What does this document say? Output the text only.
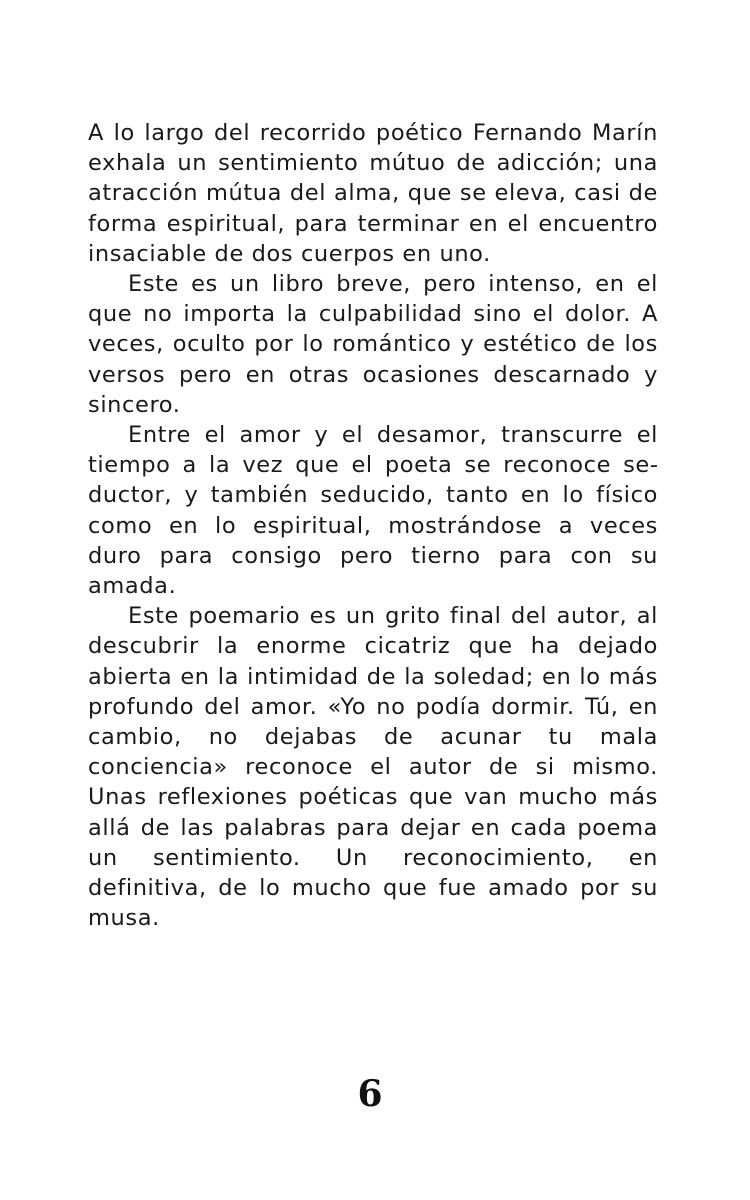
A lo largo del recorrido poético Fernando Marín exhala un sentimiento mútuo de adicción; una atracción mútua del alma, que se eleva, casi de forma espiritual, para terminar en el encuentro insaciable de dos cuerpos en uno.

Este es un libro breve, pero intenso, en el que no importa la culpabilidad sino el dolor. A veces, oculto por lo romántico y estético de los versos pero en otras ocasiones descarnado y sincero.

Entre el amor y el desamor, transcurre el tiempo a la vez que el poeta se reconoce seductor, y también seducido, tanto en lo físico como en lo espiritual, mostrándose a veces duro para consigo pero tierno para con su amada.

Este poemario es un grito final del autor, al descubrir la enorme cicatriz que ha dejado abierta en la intimidad de la soledad; en lo más profundo del amor. «Yo no podía dormir. Tú, en cambio, no dejabas de acunar tu mala conciencia» reconoce el autor de si mismo. Unas reflexiones poéticas que van mucho más allá de las palabras para dejar en cada poema un sentimiento. Un reconocimiento, en definitiva, de lo mucho que fue amado por su musa.

6
